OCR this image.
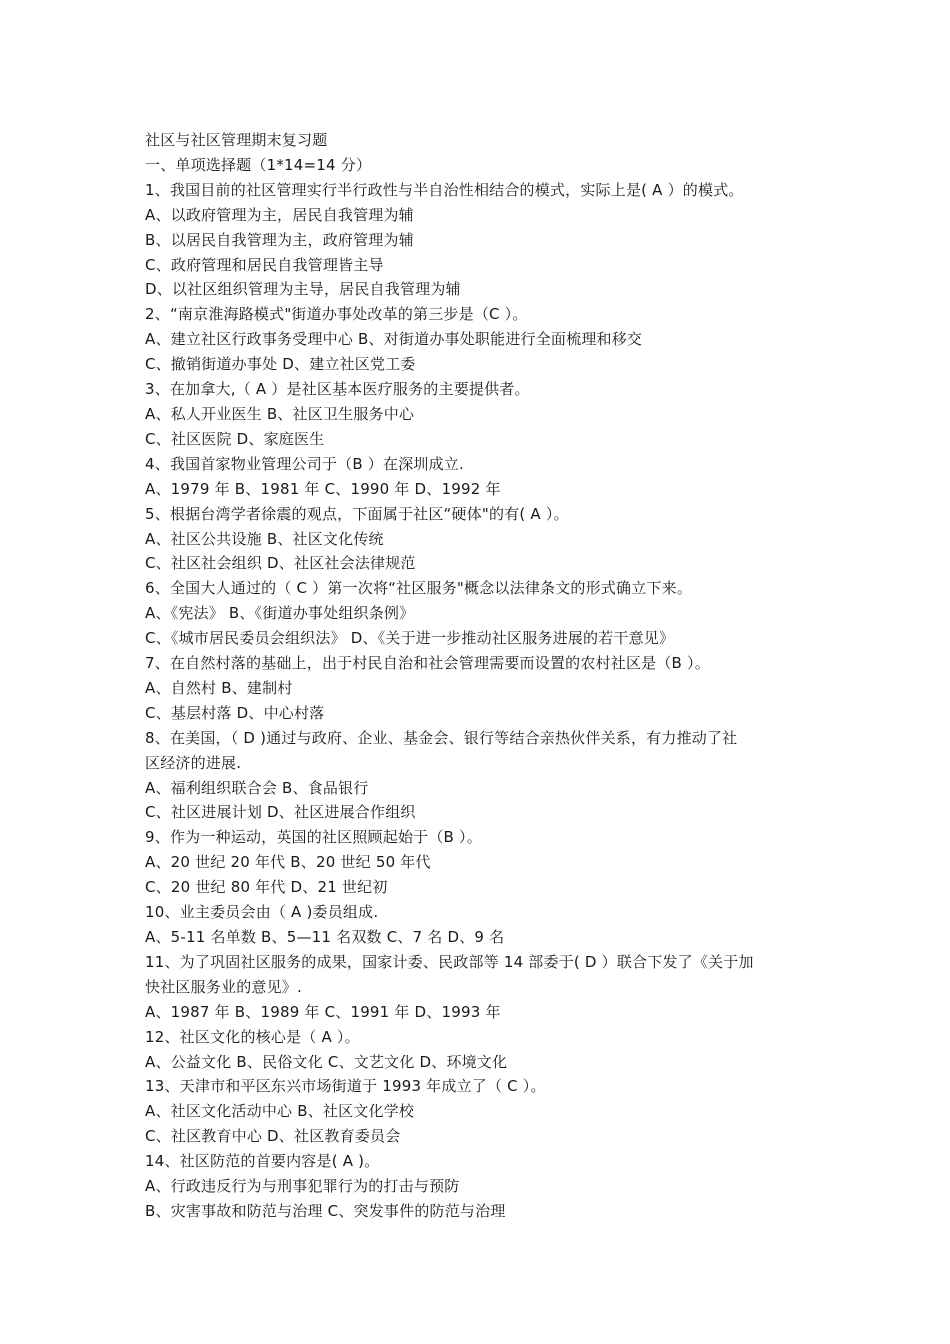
社区与社区管理期末复习题
一、单项选择题（1*14=14 分）
1、我国目前的社区管理实行半行政性与半自治性相结合的模式，实际上是( A ）的模式。
A、以政府管理为主，居民自我管理为辅
B、以居民自我管理为主，政府管理为辅
C、政府管理和居民自我管理皆主导
D、以社区组织管理为主导，居民自我管理为辅
2、“南京淮海路模式"街道办事处改革的第三步是（C ）。
A、建立社区行政事务受理中心 B、对街道办事处职能进行全面梳理和移交
C、撤销街道办事处 D、建立社区党工委
3、在加拿大,（ A ）是社区基本医疗服务的主要提供者。
A、私人开业医生 B、社区卫生服务中心
C、社区医院 D、家庭医生
4、我国首家物业管理公司于（B ）在深圳成立.
A、1979 年 B、1981 年 C、1990 年 D、1992 年
5、根据台湾学者徐震的观点，下面属于社区“硬体"的有( A ）。
A、社区公共设施 B、社区文化传统
C、社区社会组织 D、社区社会法律规范
6、全国大人通过的（ C ）第一次将“社区服务"概念以法律条文的形式确立下来。
A、《宪法》 B、《街道办事处组织条例》
C、《城市居民委员会组织法》 D、《关于进一步推动社区服务进展的若干意见》
7、在自然村落的基础上，出于村民自治和社会管理需要而设置的农村社区是（B ）。
A、自然村 B、建制村
C、基层村落 D、中心村落
8、在美国，（ D )通过与政府、企业、基金会、银行等结合亲热伙伴关系，有力推动了社
区经济的进展.
A、福利组织联合会 B、食品银行
C、社区进展计划 D、社区进展合作组织
9、作为一种运动，英国的社区照顾起始于（B ）。
A、20 世纪 20 年代 B、20 世纪 50 年代
C、20 世纪 80 年代 D、21 世纪初
10、业主委员会由（ A )委员组成.
A、5-11 名单数 B、5—11 名双数 C、7 名 D、9 名
11、为了巩固社区服务的成果，国家计委、民政部等 14 部委于( D ）联合下发了《关于加
快社区服务业的意见》.
A、1987 年 B、1989 年 C、1991 年 D、1993 年
12、社区文化的核心是（ A ）。
A、公益文化 B、民俗文化 C、文艺文化 D、环境文化
13、天津市和平区东兴市场街道于 1993 年成立了（ C ）。
A、社区文化活动中心 B、社区文化学校
C、社区教育中心 D、社区教育委员会
14、社区防范的首要内容是( A )。
A、行政违反行为与刑事犯罪行为的打击与预防
B、灾害事故和防范与治理 C、突发事件的防范与治理
